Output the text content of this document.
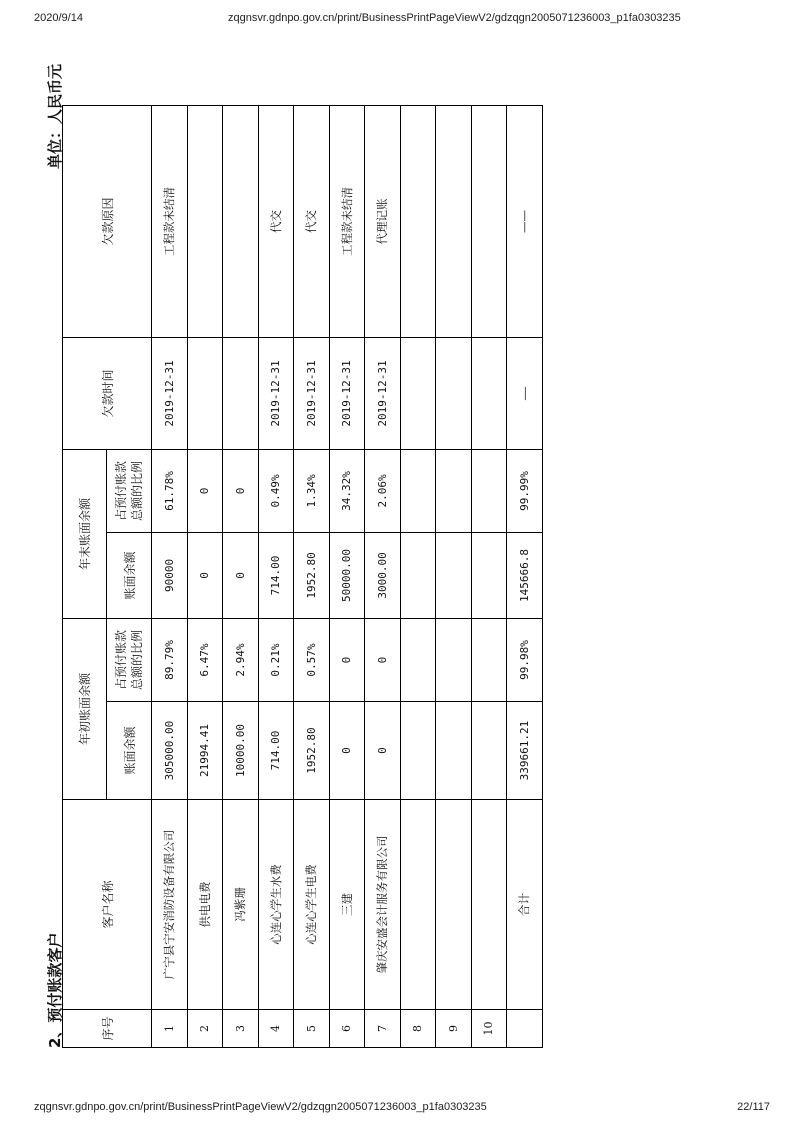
2020/9/14	zqgnsvr.gdnpo.gov.cn/print/BusinessPrintPageViewV2/gdzqgn2005071236003_p1fa0303235
2、预付账款客户
单位：人民币元
序号	客户名称	年初账面余额		年末账面余额		欠款时间	欠款原因
		账面余额	占预付账款总额的比例	账面余额	占预付账款总额的比例		
1	广宁县宁安消防设备有限公司	305000.00	89.79%	90000	61.78%	2019-12-31	工程款未结清
2	供电电费	21994.41	6.47%	0	0		
3	冯紫珊	10000.00	2.94%	0	0		
4	心连心学生水费	714.00	0.21%	714.00	0.49%	2019-12-31	代交
5	心连心学生电费	1952.80	0.57%	1952.80	1.34%	2019-12-31	代交
6	三建	0	0	50000.00	34.32%	2019-12-31	工程款未结清
7	肇庆安盛会计服务有限公司	0	0	3000.00	2.06%	2019-12-31	代理记账
8							
9							
10							
	合计	339661.21	99.98%	145666.8	99.99%	——	——
zqgnsvr.gdnpo.gov.cn/print/BusinessPrintPageViewV2/gdzqgn2005071236003_p1fa0303235	22/117
